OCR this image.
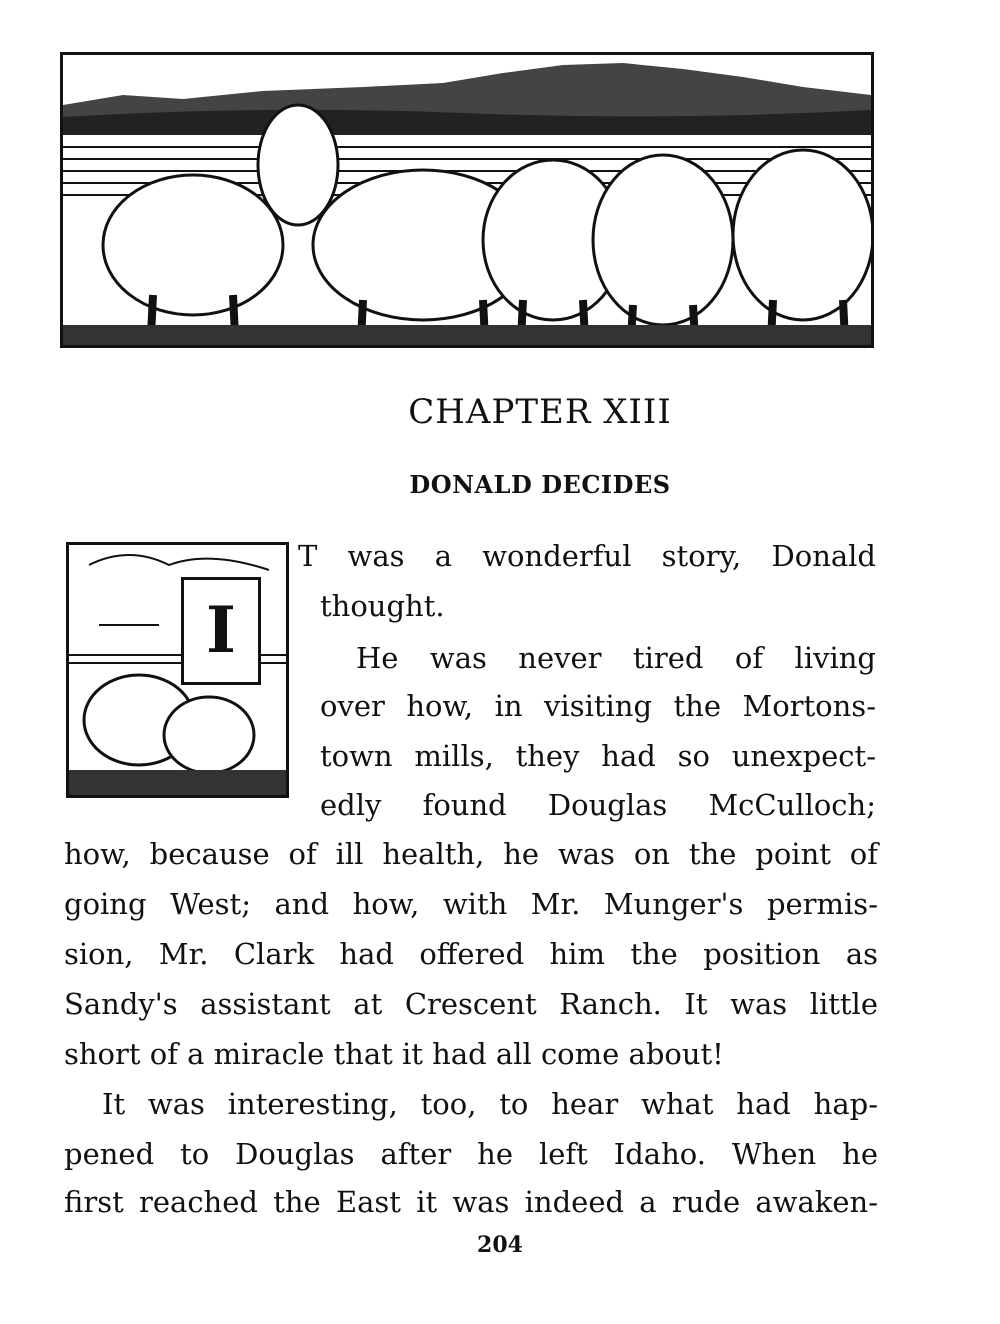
CHAPTER XIII
DONALD DECIDES
I
T was a wonderful story, Donald
thought.
He was never tired of living
over how, in visiting the Mortons-
town mills, they had so unexpect-
edly found Douglas McCulloch;
how, because of ill health, he was on the point of
going West; and how, with Mr. Munger's permis-
sion, Mr. Clark had offered him the position as
Sandy's assistant at Crescent Ranch. It was little
short of a miracle that it had all come about!
It was interesting, too, to hear what had hap-
pened to Douglas after he left Idaho. When he
first reached the East it was indeed a rude awaken-
204
